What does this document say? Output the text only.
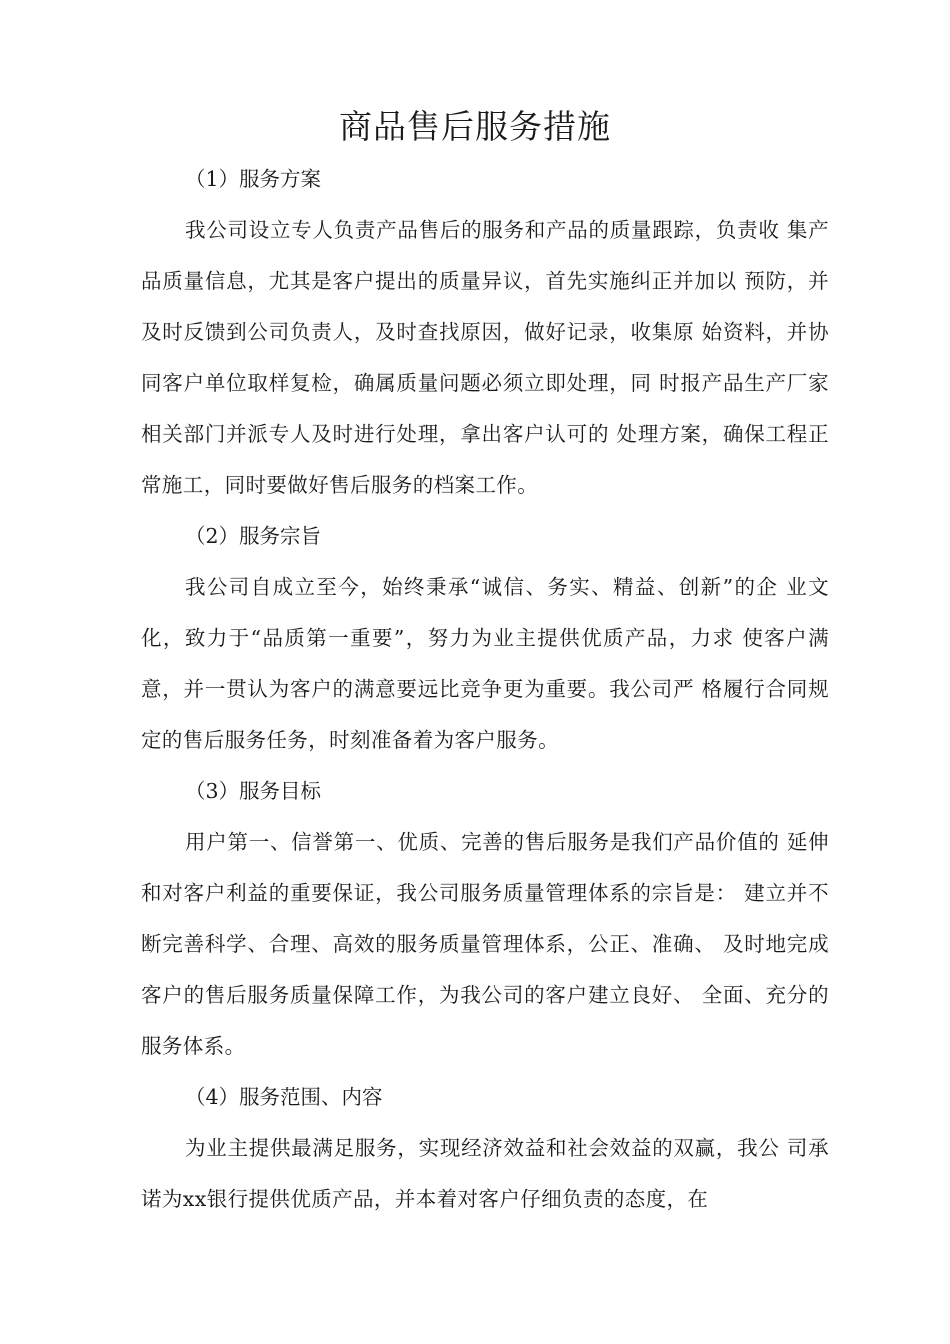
商品售后服务措施
（1）服务方案

我公司设立专人负责产品售后的服务和产品的质量跟踪，负责收 集产品质量信息，尤其是客户提出的质量异议，首先实施纠正并加以 预防，并及时反馈到公司负责人，及时查找原因，做好记录，收集原 始资料，并协同客户单位取样复检，确属质量问题必须立即处理，同 时报产品生产厂家相关部门并派专人及时进行处理，拿出客户认可的 处理方案，确保工程正常施工，同时要做好售后服务的档案工作。

（2）服务宗旨

我公司自成立至今，始终秉承“诚信、务实、精益、创新”的企 业文化，致力于“品质第一重要”，努力为业主提供优质产品，力求 使客户满意，并一贯认为客户的满意要远比竞争更为重要。我公司严 格履行合同规定的售后服务任务，时刻准备着为客户服务。

（3）服务目标

用户第一、信誉第一、优质、完善的售后服务是我们产品价值的 延伸和对客户利益的重要保证，我公司服务质量管理体系的宗旨是： 建立并不断完善科学、合理、高效的服务质量管理体系，公正、准确、 及时地完成客户的售后服务质量保障工作，为我公司的客户建立良好、 全面、充分的服务体系。

（4）服务范围、内容

为业主提供最满足服务，实现经济效益和社会效益的双赢，我公 司承诺为xx银行提供优质产品，并本着对客户仔细负责的态度，在
